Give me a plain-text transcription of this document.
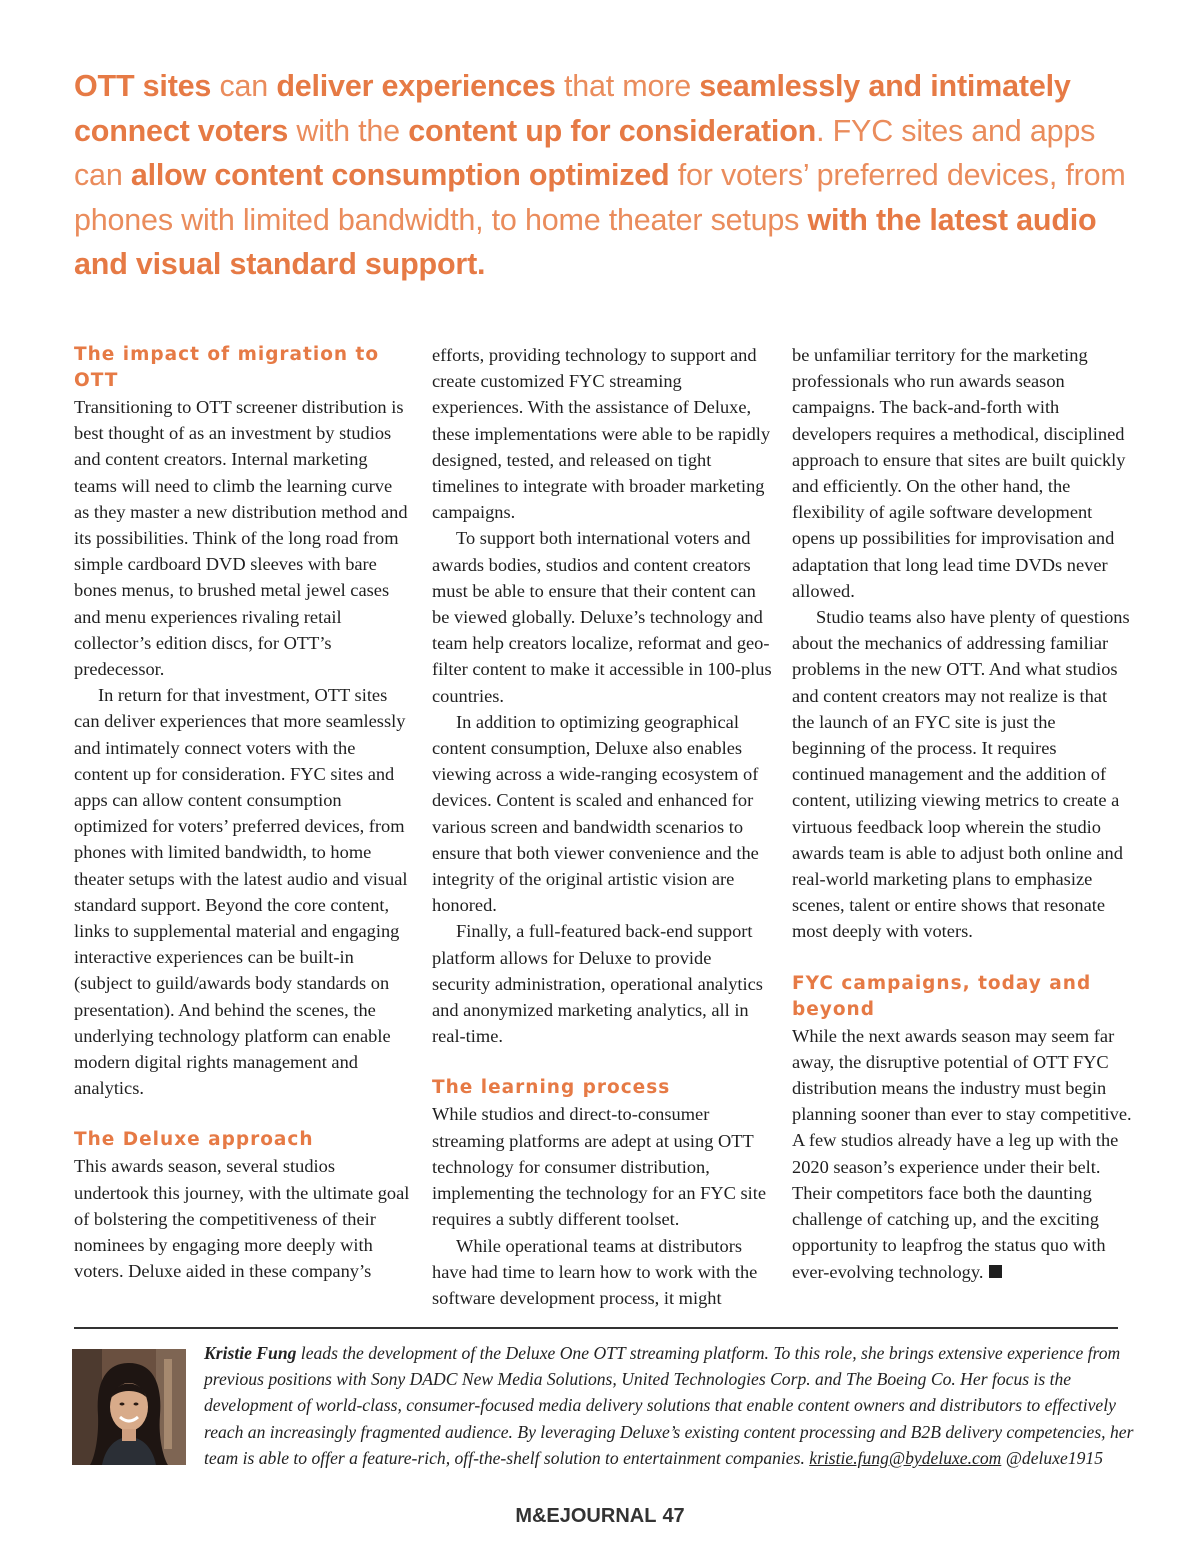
OTT sites can deliver experiences that more seamlessly and intimately connect voters with the content up for consideration. FYC sites and apps can allow content consumption optimized for voters’ preferred devices, from phones with limited bandwidth, to home theater setups with the latest audio and visual standard support.
The impact of migration to OTT

Transitioning to OTT screener distribution is best thought of as an investment by studios and content creators. Internal marketing teams will need to climb the learning curve as they master a new distribution method and its possibilities. Think of the long road from simple cardboard DVD sleeves with bare bones menus, to brushed metal jewel cases and menu experiences rivaling retail collector’s edition discs, for OTT’s predecessor.

In return for that investment, OTT sites can deliver experiences that more seamlessly and intimately connect voters with the content up for consideration. FYC sites and apps can allow content consumption optimized for voters’ preferred devices, from phones with limited bandwidth, to home theater setups with the latest audio and visual standard support. Beyond the core content, links to supplemental material and engaging interactive experiences can be built-in (subject to guild/awards body standards on presentation). And behind the scenes, the underlying technology platform can enable modern digital rights management and analytics.

The Deluxe approach

This awards season, several studios undertook this journey, with the ultimate goal of bolstering the competitiveness of their nominees by engaging more deeply with voters. Deluxe aided in these company’s

efforts, providing technology to support and create customized FYC streaming experiences. With the assistance of Deluxe, these implementations were able to be rapidly designed, tested, and released on tight timelines to integrate with broader marketing campaigns.

To support both international voters and awards bodies, studios and content creators must be able to ensure that their content can be viewed globally. Deluxe’s technology and team help creators localize, reformat and geo-filter content to make it accessible in 100-plus countries.

In addition to optimizing geographical content consumption, Deluxe also enables viewing across a wide-ranging ecosystem of devices. Content is scaled and enhanced for various screen and bandwidth scenarios to ensure that both viewer convenience and the integrity of the original artistic vision are honored.

Finally, a full-featured back-end support platform allows for Deluxe to provide security administration, operational analytics and anonymized marketing analytics, all in real-time.

The learning process

While studios and direct-to-consumer streaming platforms are adept at using OTT technology for consumer distribution, implementing the technology for an FYC site requires a subtly different toolset.

While operational teams at distributors have had time to learn how to work with the software development process, it might

be unfamiliar territory for the marketing professionals who run awards season campaigns. The back-and-forth with developers requires a methodical, disciplined approach to ensure that sites are built quickly and efficiently. On the other hand, the flexibility of agile software development opens up possibilities for improvisation and adaptation that long lead time DVDs never allowed.

Studio teams also have plenty of questions about the mechanics of addressing familiar problems in the new OTT. And what studios and content creators may not realize is that the launch of an FYC site is just the beginning of the process. It requires continued management and the addition of content, utilizing viewing metrics to create a virtuous feedback loop wherein the studio awards team is able to adjust both online and real-world marketing plans to emphasize scenes, talent or entire shows that resonate most deeply with voters.

FYC campaigns, today and beyond

While the next awards season may seem far away, the disruptive potential of OTT FYC distribution means the industry must begin planning sooner than ever to stay competitive. A few studios already have a leg up with the 2020 season’s experience under their belt. Their competitors face both the daunting challenge of catching up, and the exciting opportunity to leapfrog the status quo with ever-evolving technology.

Kristie Fung leads the development of the Deluxe One OTT streaming platform. To this role, she brings extensive experience from previous positions with Sony DADC New Media Solutions, United Technologies Corp. and The Boeing Co. Her focus is the development of world-class, consumer-focused media delivery solutions that enable content owners and distributors to effectively reach an increasingly fragmented audience. By leveraging Deluxe’s existing content processing and B2B delivery competencies, her team is able to offer a feature-rich, off-the-shelf solution to entertainment companies. kristie.fung@bydeluxe.com @deluxe1915
M&EJOURNAL 47
